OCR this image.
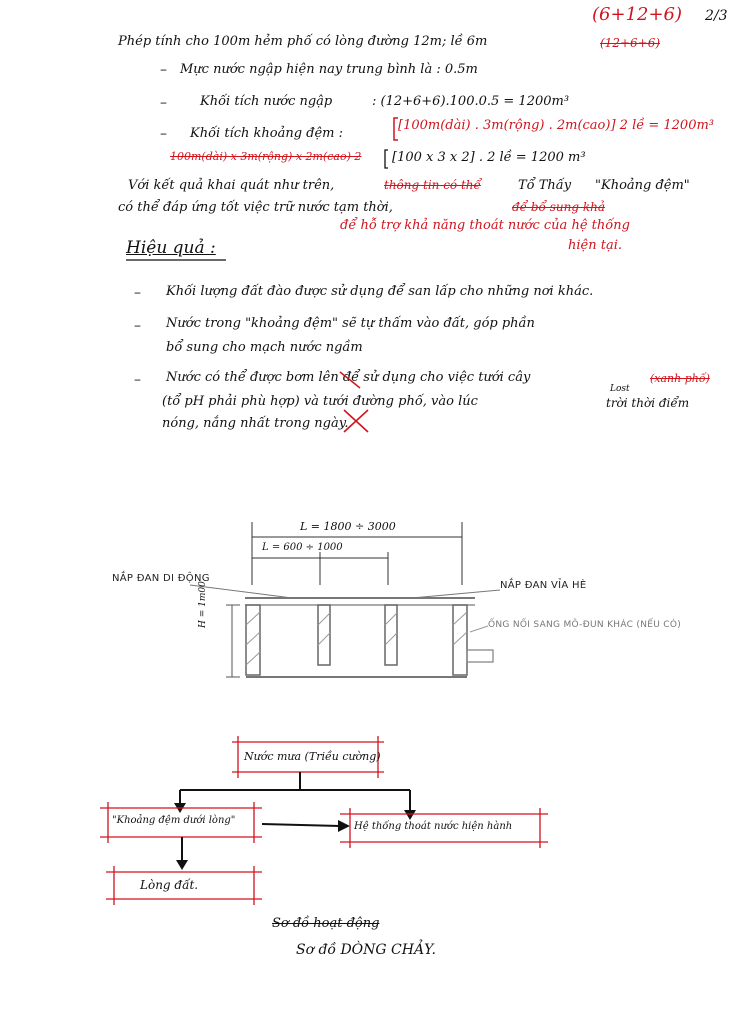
(6+12+6) 2/3
Phép tính cho 100m hẻm phố có lòng đường 12m; lề 6m	(12+6+6)
– Mực nước ngập hiện nay trung bình là : 0.5m
–	Khối tích nước ngập	: (12+6+6).100.0.5 = 1200m³
– Khối tích khoảng đệm :
[100m(dài) . 3m(rộng) . 2m(cao)] 2 lề = 1200m³
100m(dài) x 3m(rộng) x 2m(cao) 2 [100 x 3 x 2] . 2 lề = 1200 m³
Với kết quả khai quát như trên,	thông tin có thể	Tổ Thấy "Khoảng đệm"
có thể đáp ứng tốt việc trữ nước tạm thời,	để bổ sung khả
để hỗ trợ khả năng thoát nước của hệ thống
hiện tại.
Hiệu quả :
– Khối lượng đất đào được sử dụng để san lấp cho những nơi khác.
– Nước trong "khoảng đệm" sẽ tự thấm vào đất, góp phần
bổ sung cho mạch nước ngầm
– Nước có thể được bơm lên để sử dụng cho việc tưới cây	(xanh phố)
Lost
(tổ pH phải phù hợp) và tưới đường phố, vào lúc	trời thời điểm
nóng, nắng nhất trong ngày.
L = 1800 ÷ 3000
L = 600 ÷ 1000
NẮP ĐAN DI ĐỘNG
NẮP ĐAN VỈA HÈ
ỐNG NỐI SANG MÔ-ĐUN KHÁC (NẾU CÓ)
H = 1m00
Nước mưa (Triều cường)
"Khoảng đệm dưới lòng"
Hệ thống thoát nước hiện hành
Lòng đất.
Sơ đồ hoạt động
Sơ đồ DÒNG CHẢY.
